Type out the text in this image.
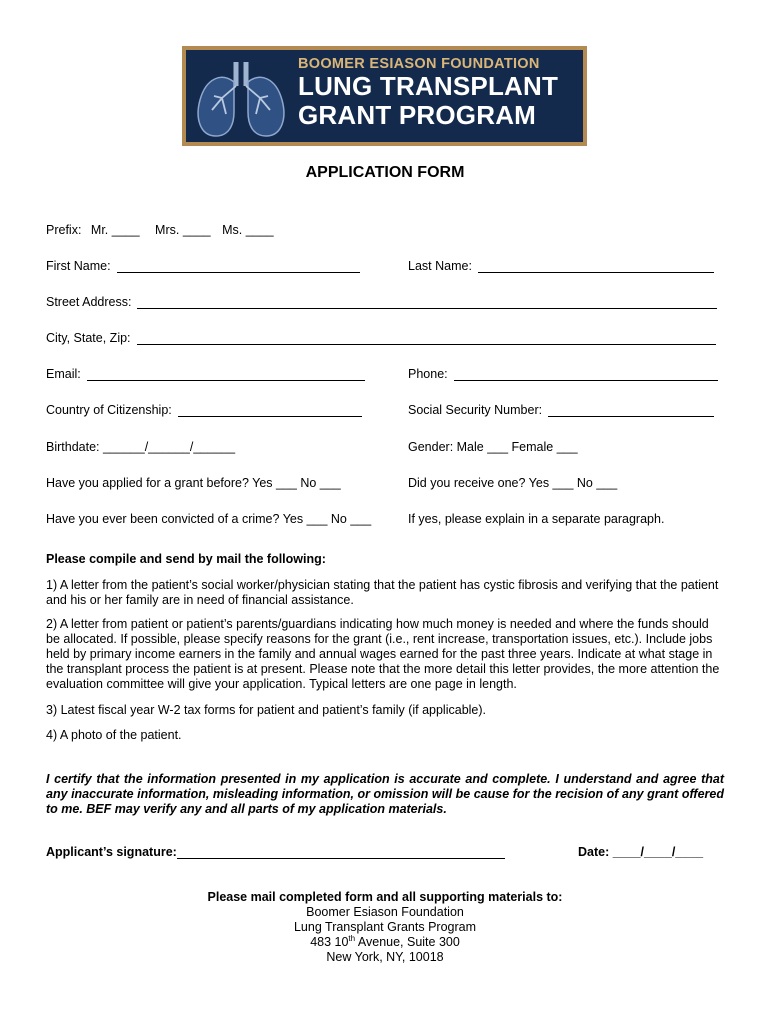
BOOMER ESIASON FOUNDATION
LUNG TRANSPLANT
GRANT PROGRAM
APPLICATION FORM
Prefix: Mr. ____ Mrs. ____ Ms. ____
First Name:	Last Name:
Street Address:
City, State, Zip:
Email:	Phone:
Country of Citizenship:	Social Security Number:
Birthdate: ______/______/______	Gender: Male ___ Female ___
Have you applied for a grant before? Yes ___ No ___	Did you receive one? Yes ___ No ___
Have you ever been convicted of a crime? Yes ___ No ___	If yes, please explain in a separate paragraph.
Please compile and send by mail the following:
1) A letter from the patient’s social worker/physician stating that the patient has cystic fibrosis and verifying that the patient and his or her family are in need of financial assistance.
2) A letter from patient or patient’s parents/guardians indicating how much money is needed and where the funds should be allocated. If possible, please specify reasons for the grant (i.e., rent increase, transportation issues, etc.). Include jobs held by primary income earners in the family and annual wages earned for the past three years. Indicate at what stage in the transplant process the patient is at present. Please note that the more detail this letter provides, the more attention the evaluation committee will give your application. Typical letters are one page in length.
3) Latest fiscal year W-2 tax forms for patient and patient’s family (if applicable).
4) A photo of the patient.
I certify that the information presented in my application is accurate and complete. I understand and agree that any inaccurate information, misleading information, or omission will be cause for the recision of any grant offered to me. BEF may verify any and all parts of my application materials.
Applicant’s signature:	Date: ____/____/____
Please mail completed form and all supporting materials to:
Boomer Esiason Foundation
Lung Transplant Grants Program
483 10th Avenue, Suite 300
New York, NY, 10018
